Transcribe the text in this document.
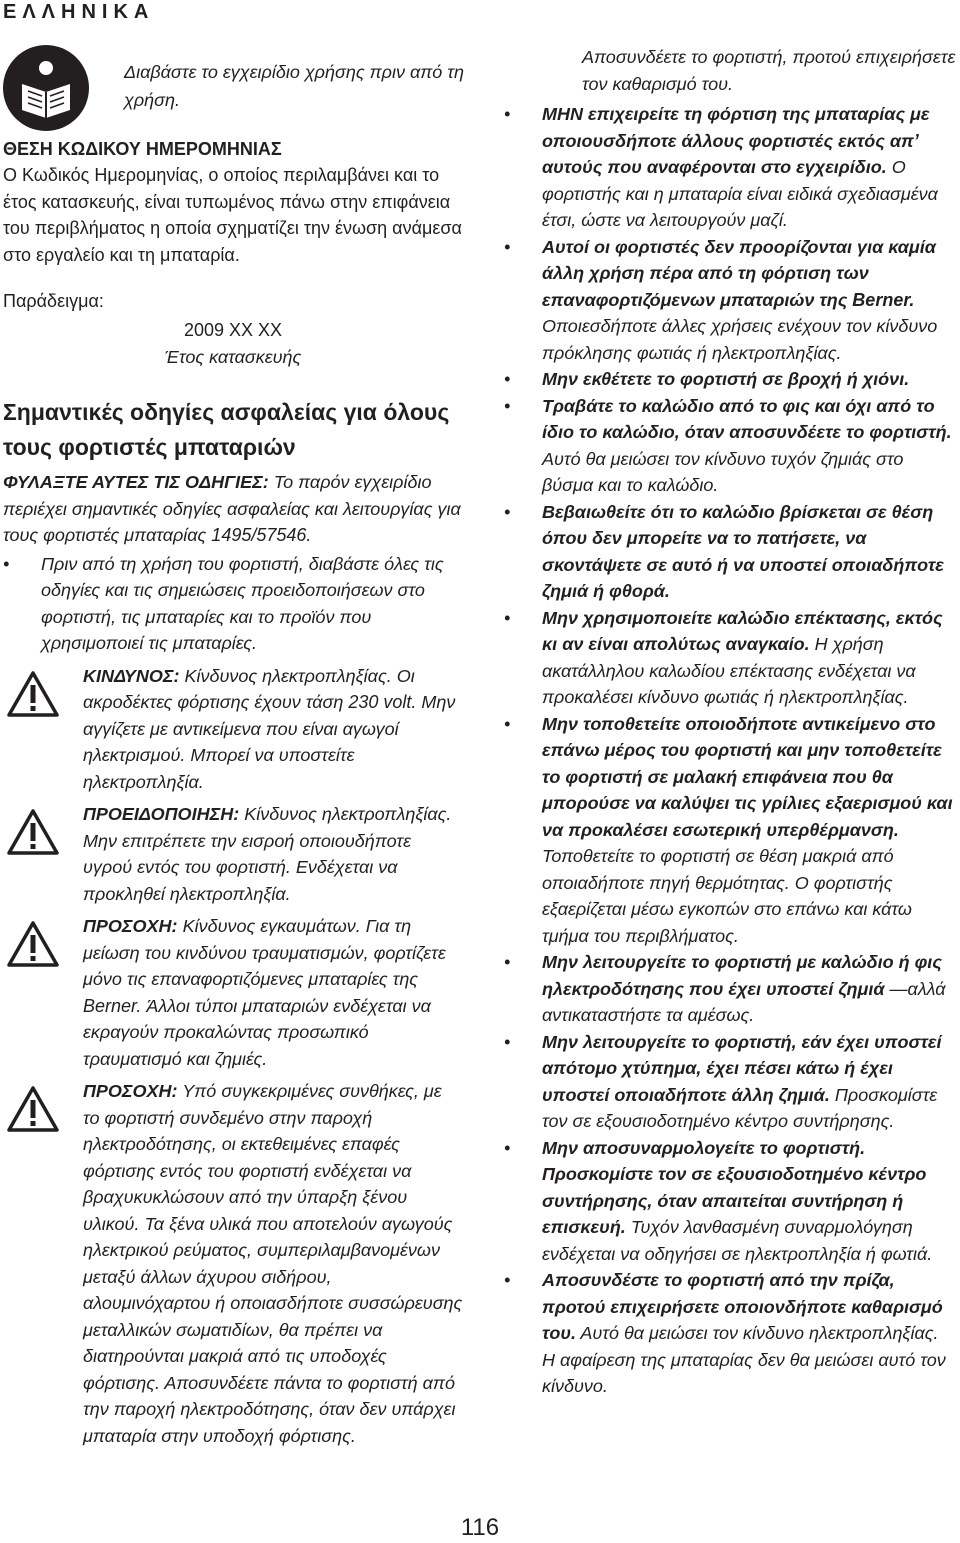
ΕΛΛΗΝΙΚΑ
Διαβάστε το εγχειρίδιο χρήσης πριν από τη χρήση.

ΘΕΣΗ ΚΩΔΙΚΟΥ ΗΜΕΡΟΜΗΝΙΑΣ

Ο Κωδικός Ημερομηνίας, ο οποίος περιλαμβάνει και το έτος κατασκευής, είναι τυπωμένος πάνω στην επιφάνεια του περιβλήματος η οποία σχηματίζει την ένωση ανάμεσα στο εργαλείο και τη μπαταρία.

Παράδειγμα:

2009 XX XX

Έτος κατασκευής

Σημαντικές οδηγίες ασφαλείας για όλους τους φορτιστές μπαταριών

ΦΥΛΑΞΤΕ ΑΥΤΕΣ ΤΙΣ ΟΔΗΓΙΕΣ: Το παρόν εγχειρίδιο περιέχει σημαντικές οδηγίες ασφαλείας και λειτουργίας για τους φορτιστές μπαταρίας 1495/57546.

• Πριν από τη χρήση του φορτιστή, διαβάστε όλες τις οδηγίες και τις σημειώσεις προειδοποιήσεων στο φορτιστή, τις μπαταρίες και το προϊόν που χρησιμοποιεί τις μπαταρίες.
ΚΙΝΔΥΝΟΣ: Κίνδυνος ηλεκτροπληξίας. Οι ακροδέκτες φόρτισης έχουν τάση 230 volt. Μην αγγίζετε με αντικείμενα που είναι αγωγοί ηλεκτρισμού. Μπορεί να υποστείτε ηλεκτροπληξία.
ΠΡΟΕΙΔΟΠΟΙΗΣΗ: Κίνδυνος ηλεκτροπληξίας. Μην επιτρέπετε την εισροή οποιουδήποτε υγρού εντός του φορτιστή. Ενδέχεται να προκληθεί ηλεκτροπληξία.
ΠΡΟΣΟΧΗ: Κίνδυνος εγκαυμάτων. Για τη μείωση του κινδύνου τραυματισμών, φορτίζετε μόνο τις επαναφορτιζόμενες μπαταρίες της Berner. Άλλοι τύποι μπαταριών ενδέχεται να εκραγούν προκαλώντας προσωπικό τραυματισμό και ζημιές.
ΠΡΟΣΟΧΗ: Υπό συγκεκριμένες συνθήκες, με το φορτιστή συνδεμένο στην παροχή ηλεκτροδότησης, οι εκτεθειμένες επαφές φόρτισης εντός του φορτιστή ενδέχεται να βραχυκυκλώσουν από την ύπαρξη ξένου υλικού. Τα ξένα υλικά που αποτελούν αγωγούς ηλεκτρικού ρεύματος, συμπεριλαμβανομένων μεταξύ άλλων άχυρου σιδήρου, αλουμινόχαρτου ή οποιασδήποτε συσσώρευσης μεταλλικών σωματιδίων, θα πρέπει να διατηρούνται μακριά από τις υποδοχές φόρτισης. Αποσυνδέετε πάντα το φορτιστή από την παροχή ηλεκτροδότησης, όταν δεν υπάρχει μπαταρία στην υποδοχή φόρτισης.

Αποσυνδέετε το φορτιστή, προτού επιχειρήσετε τον καθαρισμό του.

• ΜΗΝ επιχειρείτε τη φόρτιση της μπαταρίας με οποιουσδήποτε άλλους φορτιστές εκτός απ’ αυτούς που αναφέρονται στο εγχειρίδιο. Ο φορτιστής και η μπαταρία είναι ειδικά σχεδιασμένα έτσι, ώστε να λειτουργούν μαζί.
• Αυτοί οι φορτιστές δεν προορίζονται για καμία άλλη χρήση πέρα από τη φόρτιση των επαναφορτιζόμενων μπαταριών της Berner. Οποιεσδήποτε άλλες χρήσεις ενέχουν τον κίνδυνο πρόκλησης φωτιάς ή ηλεκτροπληξίας.
• Μην εκθέτετε το φορτιστή σε βροχή ή χιόνι.
• Τραβάτε το καλώδιο από το φις και όχι από το ίδιο το καλώδιο, όταν αποσυνδέετε το φορτιστή. Αυτό θα μειώσει τον κίνδυνο τυχόν ζημιάς στο βύσμα και το καλώδιο.
• Βεβαιωθείτε ότι το καλώδιο βρίσκεται σε θέση όπου δεν μπορείτε να το πατήσετε, να σκοντάψετε σε αυτό ή να υποστεί οποιαδήποτε ζημιά ή φθορά.
• Μην χρησιμοποιείτε καλώδιο επέκτασης, εκτός κι αν είναι απολύτως αναγκαίο. Η χρήση ακατάλληλου καλωδίου επέκτασης ενδέχεται να προκαλέσει κίνδυνο φωτιάς ή ηλεκτροπληξίας.
• Μην τοποθετείτε οποιοδήποτε αντικείμενο στο επάνω μέρος του φορτιστή και μην τοποθετείτε το φορτιστή σε μαλακή επιφάνεια που θα μπορούσε να καλύψει τις γρίλιες εξαερισμού και να προκαλέσει εσωτερική υπερθέρμανση. Τοποθετείτε το φορτιστή σε θέση μακριά από οποιαδήποτε πηγή θερμότητας. Ο φορτιστής εξαερίζεται μέσω εγκοπών στο επάνω και κάτω τμήμα του περιβλήματος.
• Μην λειτουργείτε το φορτιστή με καλώδιο ή φις ηλεκτροδότησης που έχει υποστεί ζημιά —αλλά αντικαταστήστε τα αμέσως.
• Μην λειτουργείτε το φορτιστή, εάν έχει υποστεί απότομο χτύπημα, έχει πέσει κάτω ή έχει υποστεί οποιαδήποτε άλλη ζημιά. Προσκομίστε τον σε εξουσιοδοτημένο κέντρο συντήρησης.
• Μην αποσυναρμολογείτε το φορτιστή. Προσκομίστε τον σε εξουσιοδοτημένο κέντρο συντήρησης, όταν απαιτείται συντήρηση ή επισκευή. Τυχόν λανθασμένη συναρμολόγηση ενδέχεται να οδηγήσει σε ηλεκτροπληξία ή φωτιά.
• Αποσυνδέστε το φορτιστή από την πρίζα, προτού επιχειρήσετε οποιονδήποτε καθαρισμό του. Αυτό θα μειώσει τον κίνδυνο ηλεκτροπληξίας. Η αφαίρεση της μπαταρίας δεν θα μειώσει αυτό τον κίνδυνο.
116
